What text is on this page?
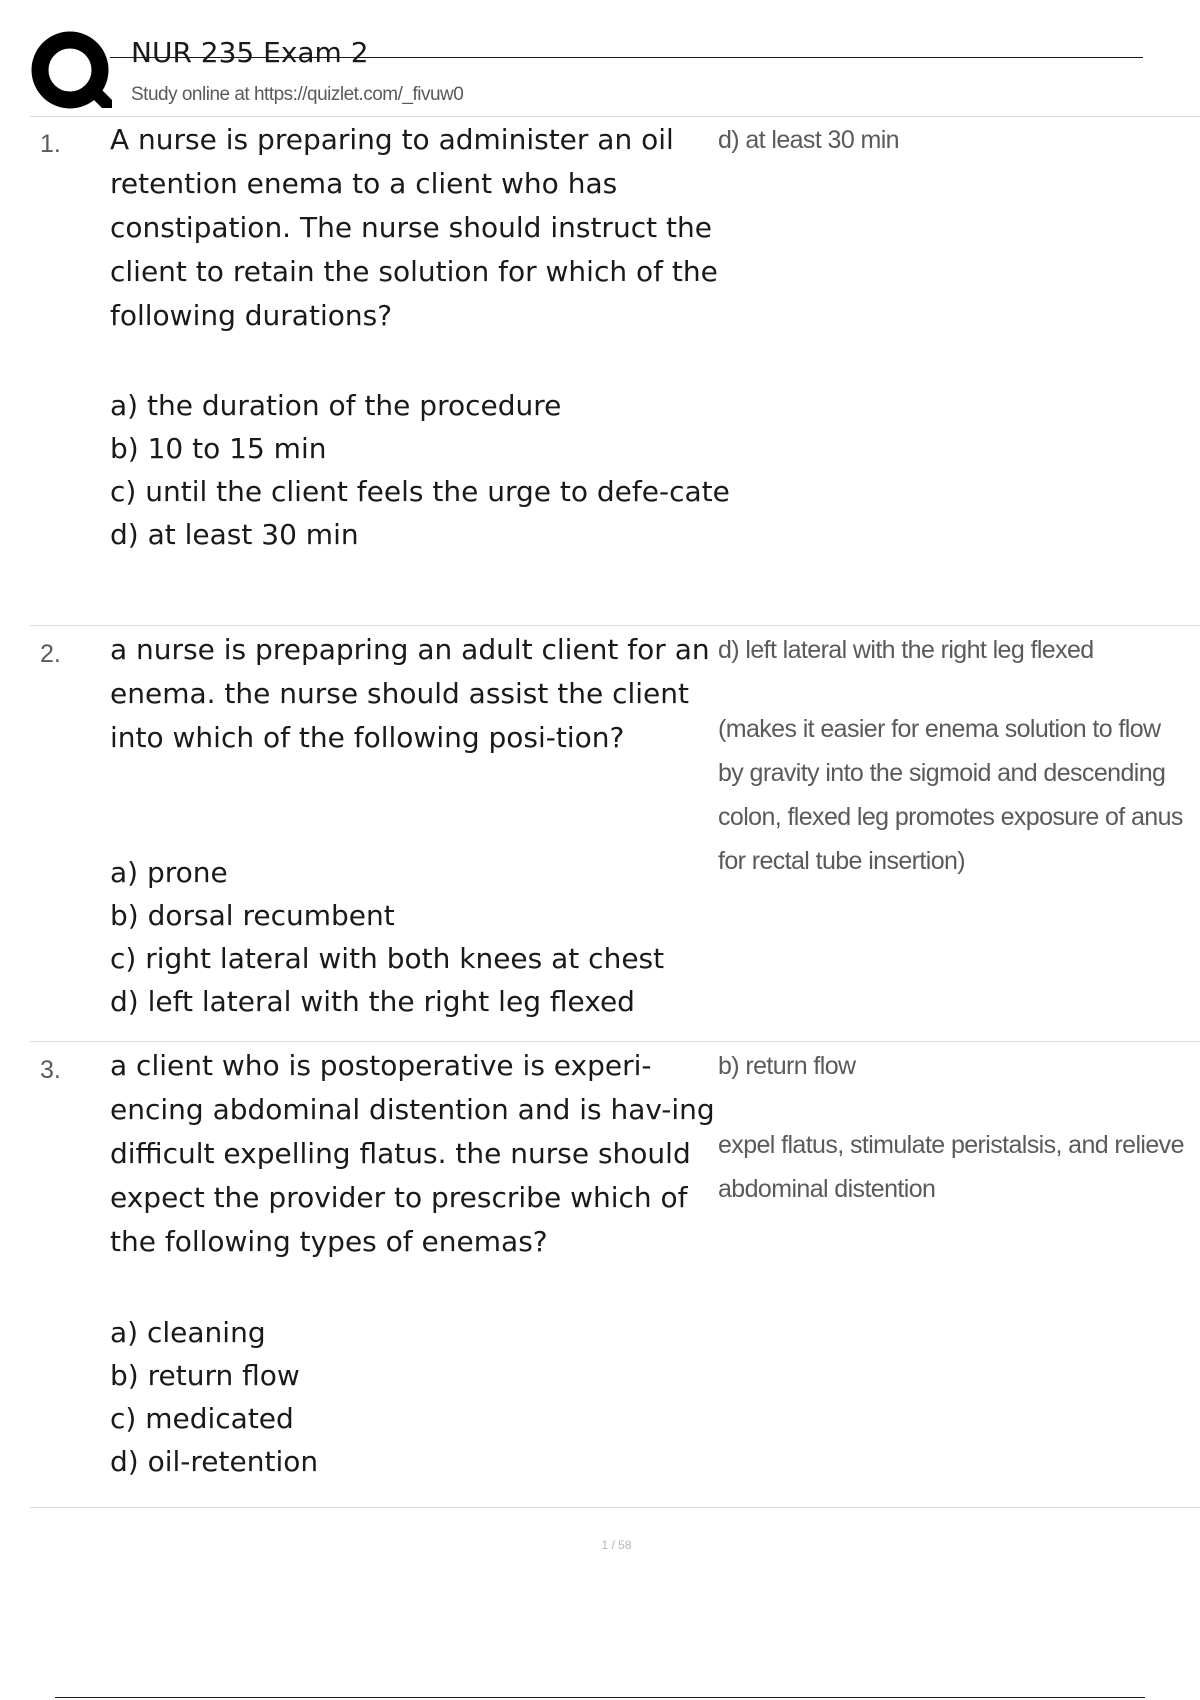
NUR 235 Exam 2
Study online at https://quizlet.com/_fivuw0
1. A nurse is preparing to administer an oil retention enema to a client who has constipation. The nurse should instruct the client to retain the solution for which of the following durations?

a) the duration of the procedure
b) 10 to 15 min
c) until the client feels the urge to defe-cate
d) at least 30 min

d) at least 30 min

2. a nurse is prepapring an adult client for an enema. the nurse should assist the client into which of the following posi-tion?

a) prone
b) dorsal recumbent
c) right lateral with both knees at chest
d) left lateral with the right leg flexed

d) left lateral with the right leg flexed

(makes it easier for enema solution to flow by gravity into the sigmoid and descending colon, flexed leg promotes exposure of anus for rectal tube insertion)

3. a client who is postoperative is experi-encing abdominal distention and is hav-ing difficult expelling flatus. the nurse should expect the provider to prescribe which of the following types of enemas?

a) cleaning
b) return flow
c) medicated
d) oil-retention

b) return flow

expel flatus, stimulate peristalsis, and relieve abdominal distention

1 / 58
